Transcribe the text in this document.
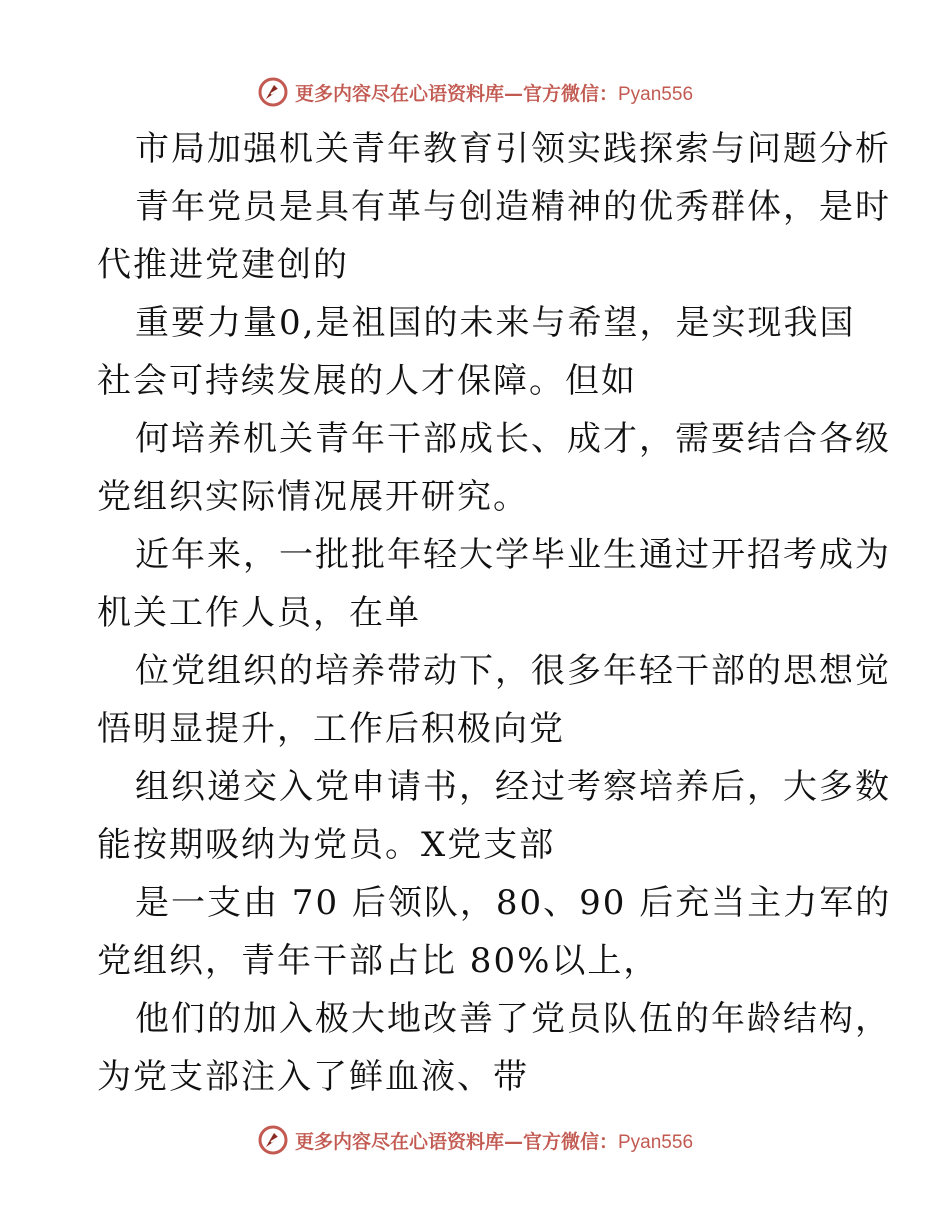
更多内容尽在心语资料库—官方微信：Pyan556
市局加强机关青年教育引领实践探索与问题分析
青年党员是具有革与创造精神的优秀群体，是时
代推进党建创的
重要力量0,是祖国的未来与希望，是实现我国
社会可持续发展的人才保障。但如
何培养机关青年干部成长、成才，需要结合各级
党组织实际情况展开研究。
近年来，一批批年轻大学毕业生通过开招考成为
机关工作人员，在单
位党组织的培养带动下，很多年轻干部的思想觉
悟明显提升，工作后积极向党
组织递交入党申请书，经过考察培养后，大多数
能按期吸纳为党员。X党支部
是一支由 70 后领队，80、90 后充当主力军的
党组织，青年干部占比 80%以上，
他们的加入极大地改善了党员队伍的年龄结构，
为党支部注入了鲜血液、带
更多内容尽在心语资料库—官方微信：Pyan556
